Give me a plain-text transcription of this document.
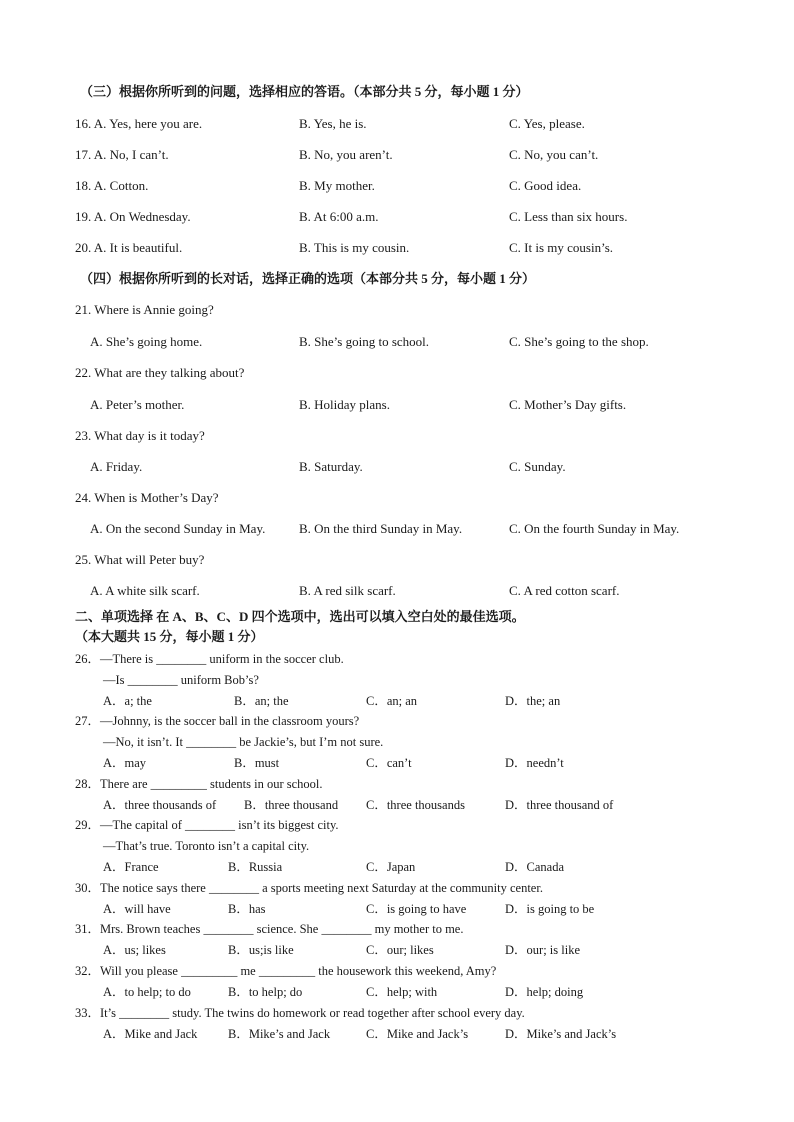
（三）根据你所听到的问题，选择相应的答语。（本部分共 5 分，每小题 1 分）
16. A. Yes, here you are.	B. Yes, he is.	C. Yes, please.
17. A. No, I can’t.	B. No, you aren’t.	C. No, you can’t.
18. A. Cotton.	B. My mother.	C. Good idea.
19. A. On Wednesday.	B. At 6:00 a.m.	C. Less than six hours.
20. A. It is beautiful.	B. This is my cousin.	C. It is my cousin’s.
（四）根据你所听到的长对话，选择正确的选项（本部分共 5 分，每小题 1 分）
21. Where is Annie going?
A. She’s going home.	B. She’s going to school.	C. She’s going to the shop.
22. What are they talking about?
A. Peter’s mother.	B. Holiday plans.	C. Mother’s Day gifts.
23. What day is it today?
A. Friday.	B. Saturday.	C. Sunday.
24. When is Mother’s Day?
A. On the second Sunday in May.	B. On the third Sunday in May.	C. On the fourth Sunday in May.
25. What will Peter buy?
A. A white silk scarf.	B. A red silk scarf.	C. A red cotton scarf.
二、单项选择 在 A、B、C、D 四个选项中，选出可以填入空白处的最佳选项。
（本大题共 15 分，每小题 1 分）
26．—There is ________ uniform in the soccer club.
—Is ________ uniform Bob’s?
A．a; the	B．an; the	C．an; an	D．the; an
27．—Johnny, is the soccer ball in the classroom yours?
—No, it isn’t. It ________ be Jackie’s, but I’m not sure.
A．may	B．must	C．can’t	D．needn’t
28．There are _________ students in our school.
A．three thousands of B．three thousand C．three thousands	D．three thousand of
29．—The capital of ________ isn’t its biggest city.
—That’s true. Toronto isn’t a capital city.
A．France	B．Russia	C．Japan	D．Canada
30．The notice says there ________ a sports meeting next Saturday at the community center.
A．will have	B．has	C．is going to have	D．is going to be
31．Mrs. Brown teaches ________ science. She ________ my mother to me.
A．us; likes	B．us;is like	C．our; likes	D．our; is like
32．Will you please _________ me _________ the housework this weekend, Amy?
A．to help; to do	B．to help; do	C．help; with	D．help; doing
33．It’s ________ study. The twins do homework or read together after school every day.
A．Mike and Jack B．Mike’s and Jack	C．Mike and Jack’s	D．Mike’s and Jack’s
